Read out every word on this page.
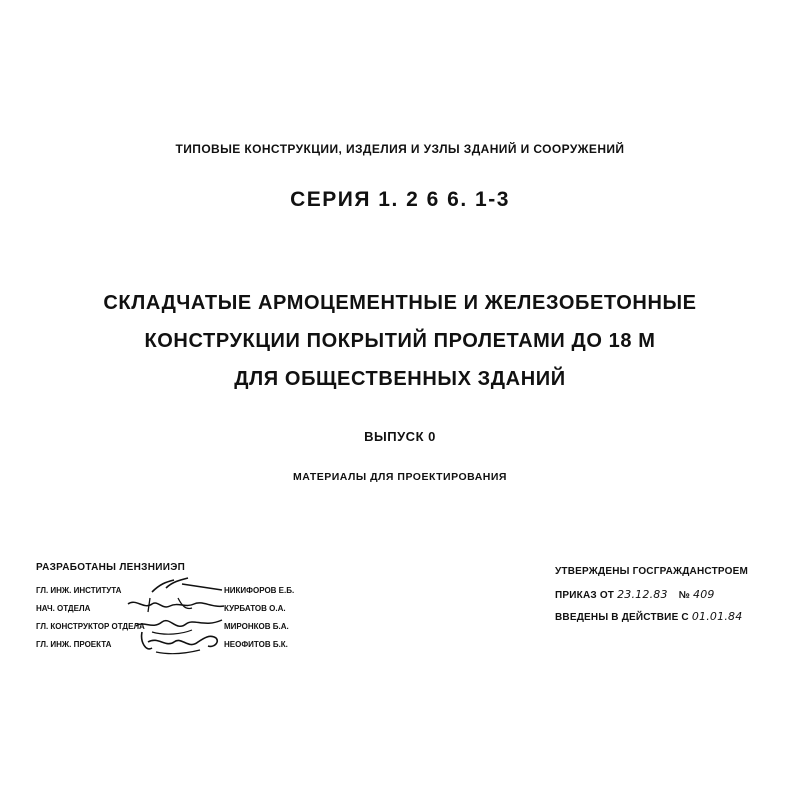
ТИПОВЫЕ КОНСТРУКЦИИ, ИЗДЕЛИЯ И УЗЛЫ ЗДАНИЙ И СООРУЖЕНИЙ

СЕРИЯ 1. 2 6 6. 1-3

СКЛАДЧАТЫЕ АРМОЦЕМЕНТНЫЕ И ЖЕЛЕЗОБЕТОННЫЕ
КОНСТРУКЦИИ ПОКРЫТИЙ ПРОЛЕТАМИ ДО 18 М
ДЛЯ ОБЩЕСТВЕННЫХ ЗДАНИЙ

ВЫПУСК 0

МАТЕРИАЛЫ ДЛЯ ПРОЕКТИРОВАНИЯ

РАЗРАБОТАНЫ ЛЕНЗНИИЭП
ГЛ. ИНЖ. ИНСТИТУТА	НИКИФОРОВ Е.Б.
НАЧ. ОТДЕЛА	КУРБАТОВ О.А.
ГЛ. КОНСТРУКТОР ОТДЕЛА	МИРОНКОВ Б.А.
ГЛ. ИНЖ. ПРОЕКТА	НЕОФИТОВ Б.К.
УТВЕРЖДЕНЫ ГОСГРАЖДАНСТРОЕМ
ПРИКАЗ ОТ 23.12.83 № 409
ВВЕДЕНЫ В ДЕЙСТВИЕ С 01.01.84
